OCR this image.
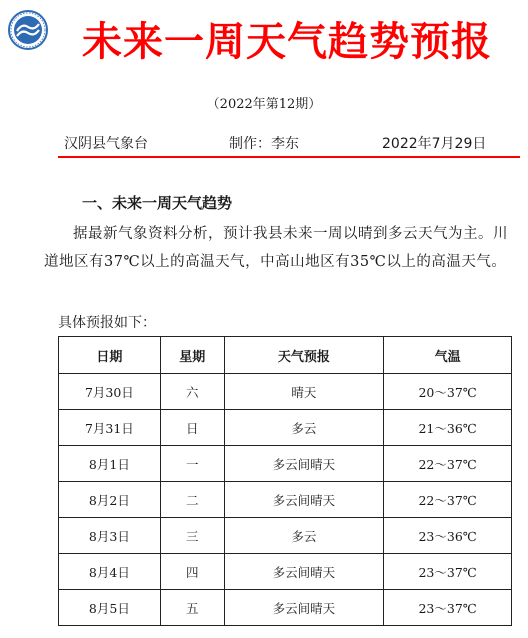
未来一周天气趋势预报
（2022年第12期）
汉阴县气象台	制作：李东	2022年7月29日
一、未来一周天气趋势
据最新气象资料分析，预计我县未来一周以晴到多云天气为主。川道地区有37℃以上的高温天气，中高山地区有35℃以上的高温天气。
具体预报如下：
日期	星期	天气预报	气温
7月30日	六	晴天	20～37℃
7月31日	日	多云	21～36℃
8月1日	一	多云间晴天	22～37℃
8月2日	二	多云间晴天	22～37℃
8月3日	三	多云	23～36℃
8月4日	四	多云间晴天	23～37℃
8月5日	五	多云间晴天	23～37℃
